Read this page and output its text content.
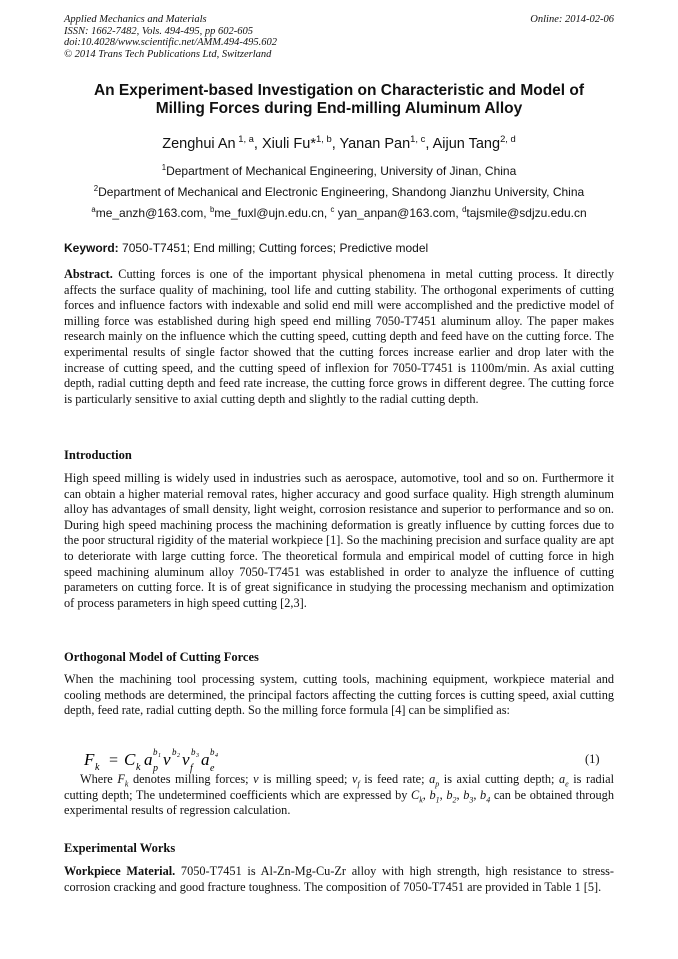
Applied Mechanics and Materials
ISSN: 1662-7482, Vols. 494-495, pp 602-605
doi:10.4028/www.scientific.net/AMM.494-495.602
© 2014 Trans Tech Publications Ltd, Switzerland
Online: 2014-02-06
An Experiment-based Investigation on Characteristic and Model of
Milling Forces during End-milling Aluminum Alloy
Zenghui An $^{1, a}$, Xiuli Fu*$^{1, b}$, Yanan Pan$^{1, c}$, Aijun Tang$^{2, d}$
$^1$Department of Mechanical Engineering, University of Jinan, China
$^2$Department of Mechanical and Electronic Engineering, Shandong Jianzhu University, China
$^a$me_anzh@163.com, $^b$me_fuxl@ujn.edu.cn, $^c$ yan_anpan@163.com, $^d$tajsmile@sdjzu.edu.cn
Keyword: 7050-T7451; End milling; Cutting forces; Predictive model

Abstract. Cutting forces is one of the important physical phenomena in metal cutting process. It directly affects the surface quality of machining, tool life and cutting stability. The orthogonal experiments of cutting forces and influence factors with indexable and solid end mill were accomplished and the predictive model of milling force was established during high speed end milling 7050-T7451 aluminum alloy. The paper makes research mainly on the influence which the cutting speed, cutting depth and feed have on the cutting force. The experimental results of single factor showed that the cutting forces increase earlier and drop later with the increase of cutting speed, and the cutting speed of inflexion for 7050-T7451 is 1100m/min. As axial cutting depth, radial cutting depth and feed rate increase, the cutting force grows in different degree. The cutting force is particularly sensitive to axial cutting depth and slightly to the radial cutting depth.

Introduction

High speed milling is widely used in industries such as aerospace, automotive, tool and so on. Furthermore it can obtain a higher material removal rates, higher accuracy and good surface quality. High strength aluminum alloy has advantages of small density, light weight, corrosion resistance and superior to performance and so on. During high speed machining process the machining deformation is greatly influence by cutting forces due to the poor structural rigidity of the material workpiece [1]. So the machining precision and surface quality are apt to deteriorate with large cutting force. The theoretical formula and empirical model of cutting force in high speed machining aluminum alloy 7050-T7451 was established in order to analyze the influence of cutting parameters on cutting force. It is of great significance in studying the processing mechanism and optimization of process parameters in high speed cutting [2,3].

Orthogonal Model of Cutting Forces

When the machining tool processing system, cutting tools, machining equipment, workpiece material and cooling methods are determined, the principal factors affecting the cutting forces is cutting speed, axial cutting depth, feed rate, radial cutting depth. So the milling force formula [4] can be simplified as:

F k = C k a p
b 1 v b 2 v f
b 3 a e
b 4	(1)

Where $F_k$ denotes milling forces; v is milling speed; $v_f$ is feed rate; $a_p$ is axial cutting depth; $a_e$ is radial cutting depth; The undetermined coefficients which are expressed by $C_k$, $b_1$, $b_2$, $b_3$, $b_4$ can be obtained through experimental results of regression calculation.

Experimental Works

Workpiece Material. 7050-T7451 is Al-Zn-Mg-Cu-Zr alloy with high strength, high resistance to stress-corrosion cracking and good fracture toughness. The composition of 7050-T7451 are provided in Table 1 [5].
